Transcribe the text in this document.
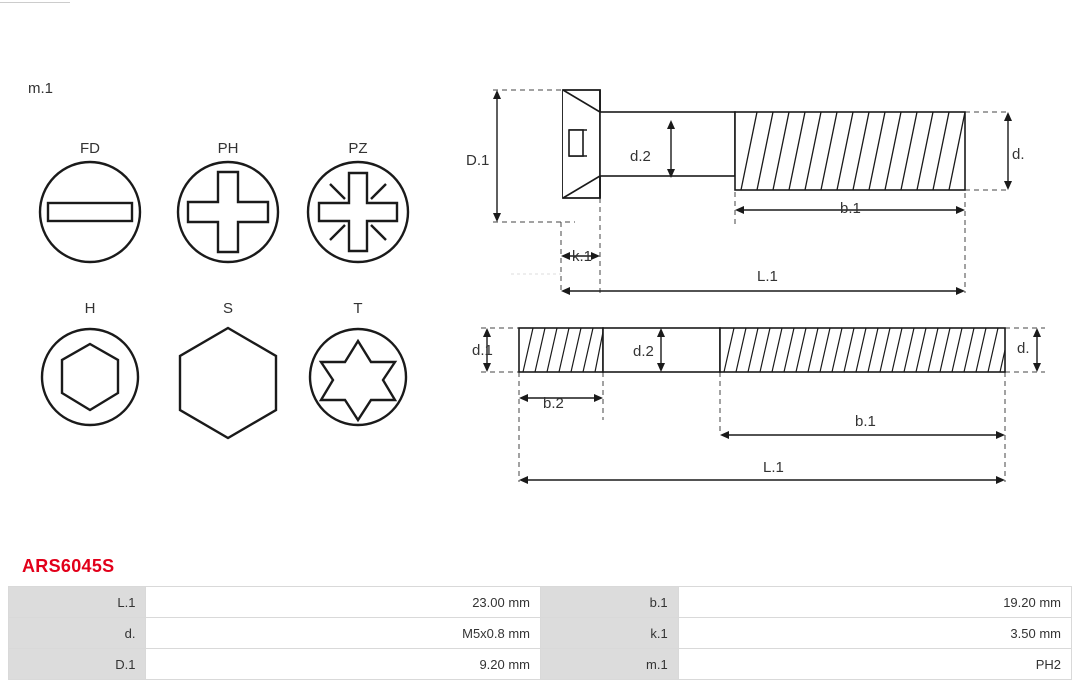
m.1
FD	PH	PZ
H	S	T
D.1	d.2	d.
b.1
k.1
L.1
d.1	d.2	d.
b.2
b.1
L.1
ARS6045S
L.1	23.00 mm	b.1	19.20 mm
d.	M5x0.8 mm	k.1	3.50 mm
D.1	9.20 mm	m.1	PH2
